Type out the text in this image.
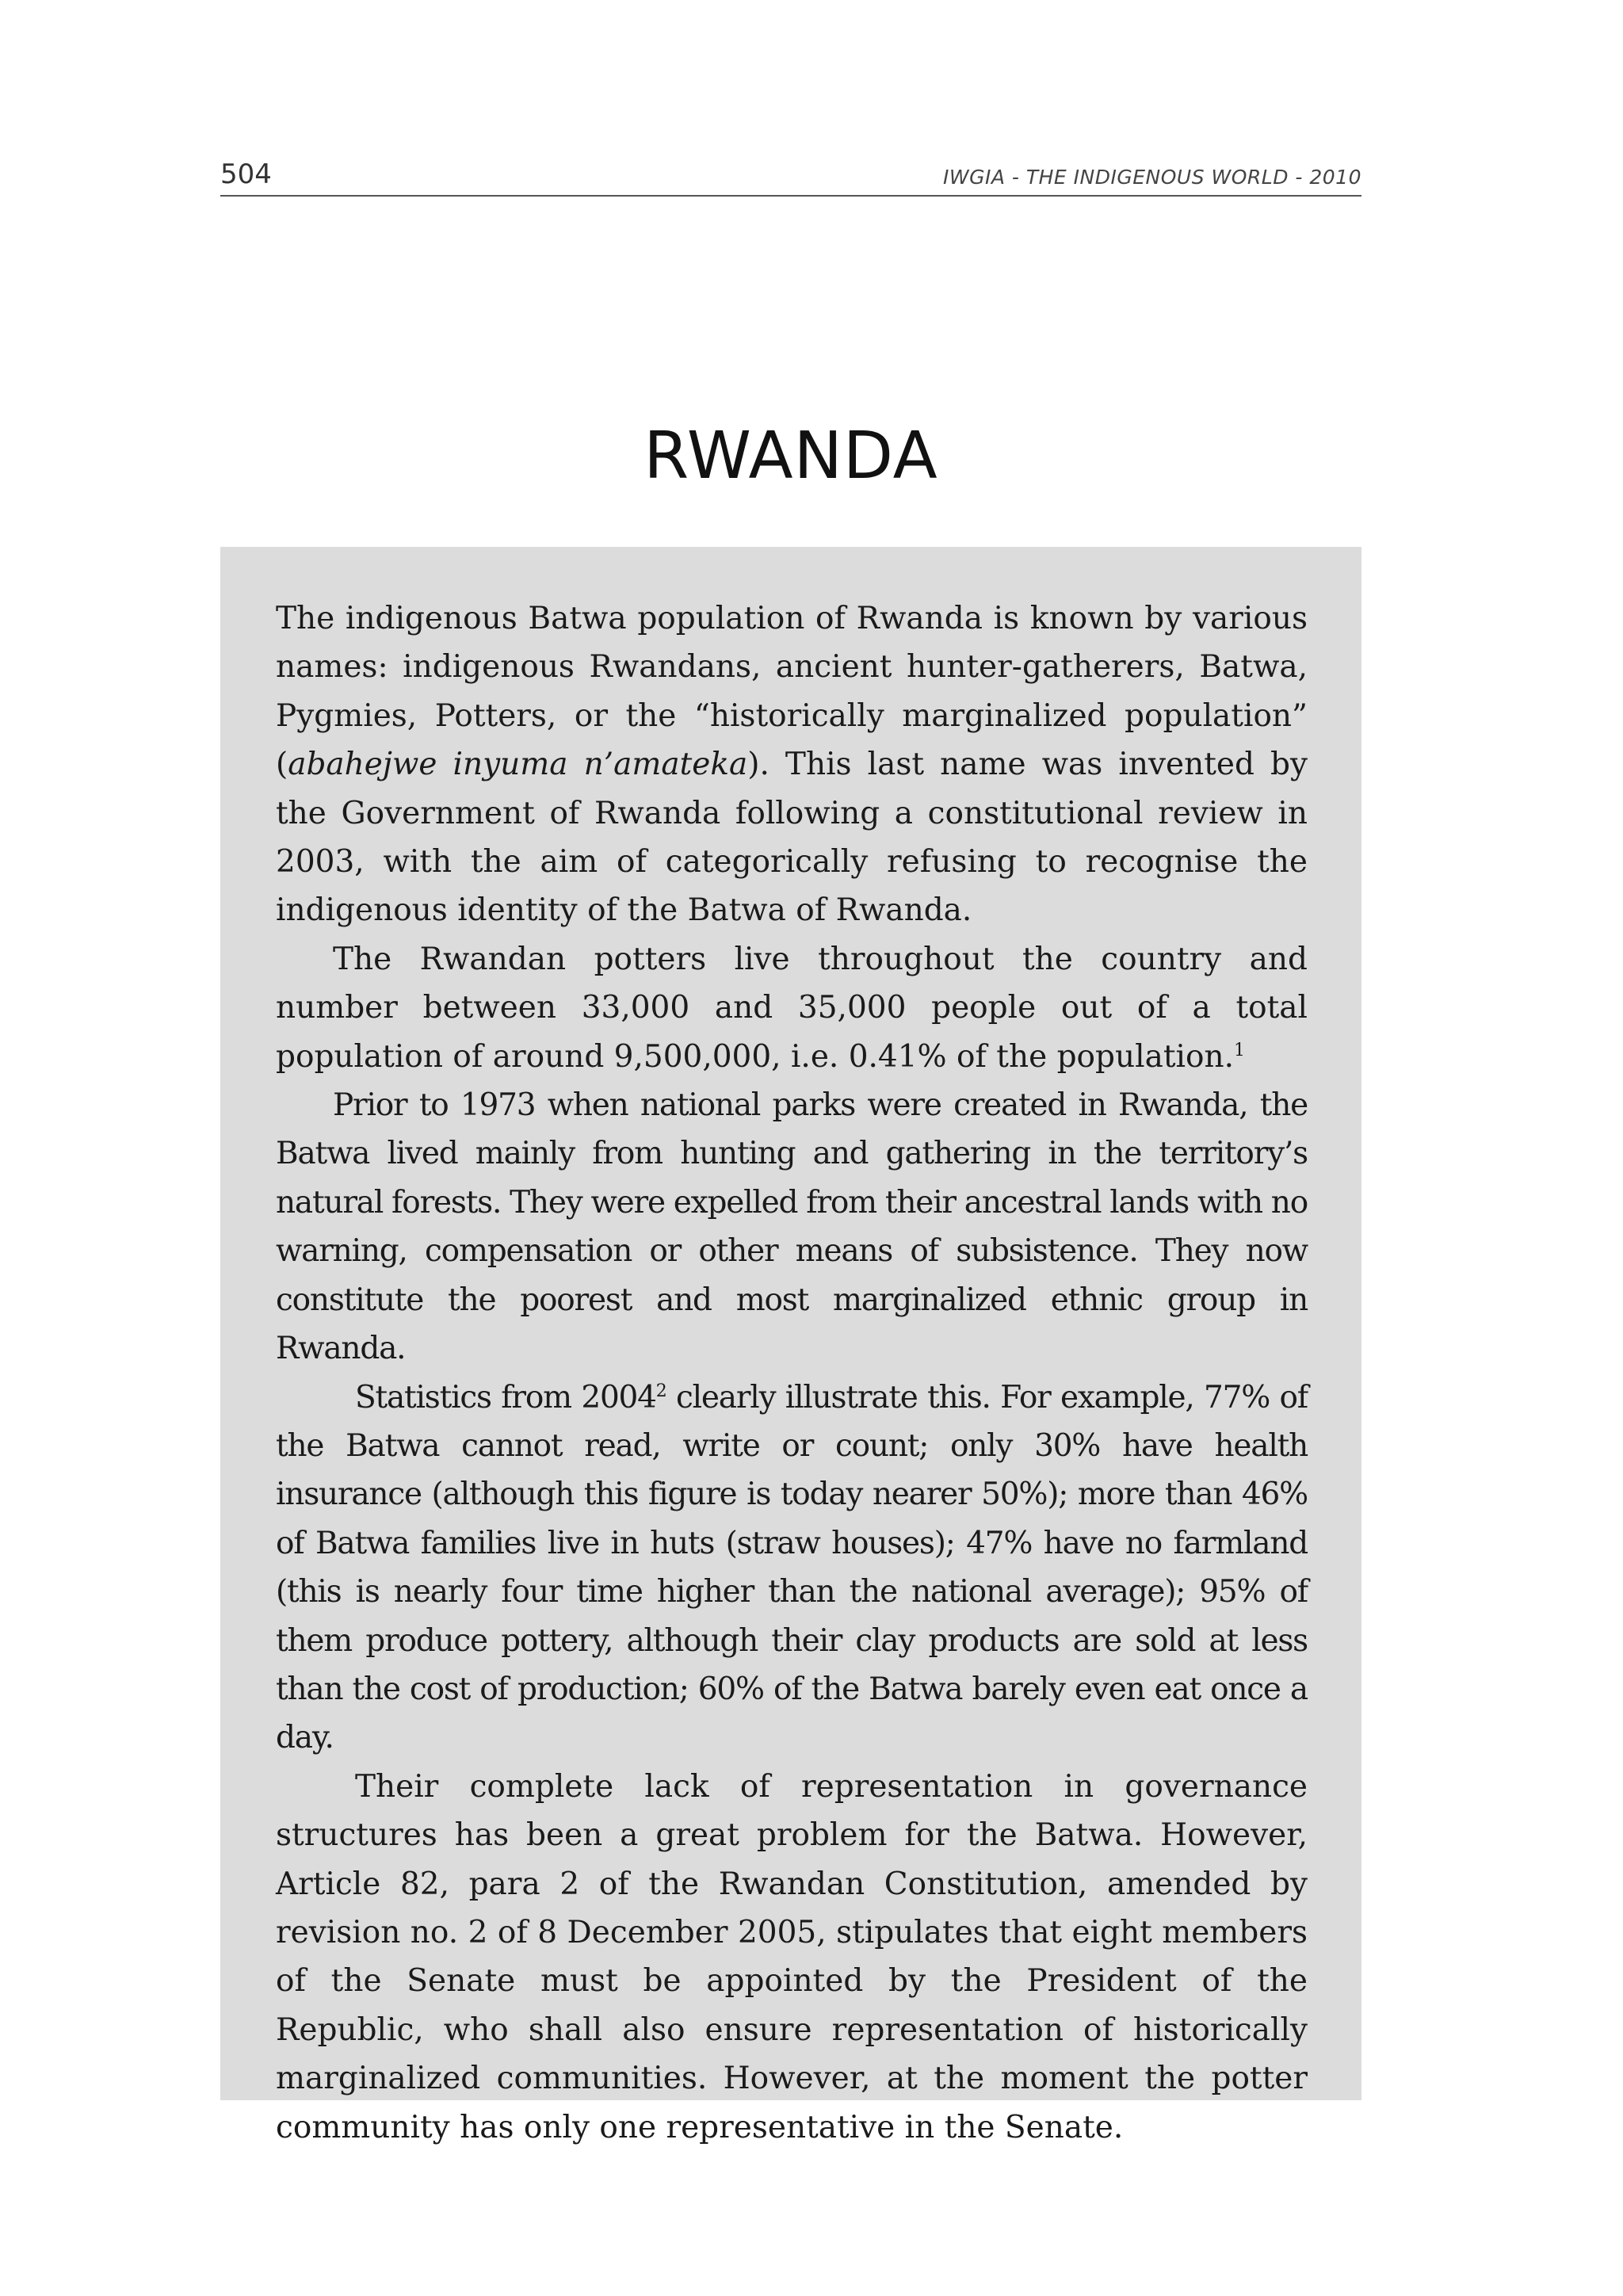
504	IWGIA - THE INDIGENOUS WORLD - 2010
RWANDA

The indigenous Batwa population of Rwanda is known by various names: indigenous Rwandans, ancient hunter-gatherers, Batwa, Pygmies, Potters, or the “historically marginalized population” (abahejwe inyuma n’amateka). This last name was invented by the Government of Rwanda following a constitutional review in 2003, with the aim of categorically refusing to recognise the indigenous identity of the Batwa of Rwanda.

The Rwandan potters live throughout the country and number between 33,000 and 35,000 people out of a total population of around 9,500,000, i.e. 0.41% of the population.$^1$

Prior to 1973 when national parks were created in Rwanda, the Batwa lived mainly from hunting and gathering in the territory’s natural forests. They were expelled from their ancestral lands with no warning, compensation or other means of subsistence. They now constitute the poorest and most marginalized ethnic group in Rwanda.

Statistics from 2004$^2$ clearly illustrate this. For example, 77% of the Batwa cannot read, write or count; only 30% have health insurance (although this figure is today nearer 50%); more than 46% of Batwa families live in huts (straw houses); 47% have no farmland (this is nearly four time higher than the national average); 95% of them produce pottery, although their clay products are sold at less than the cost of production; 60% of the Batwa barely even eat once a day.

Their complete lack of representation in governance structures has been a great problem for the Batwa. However, Article 82, para 2 of the Rwandan Constitution, amended by revision no. 2 of 8 December 2005, stipulates that eight members of the Senate must be appointed by the President of the Republic, who shall also ensure representation of historically marginalized communities. However, at the moment the potter community has only one representative in the Senate.
